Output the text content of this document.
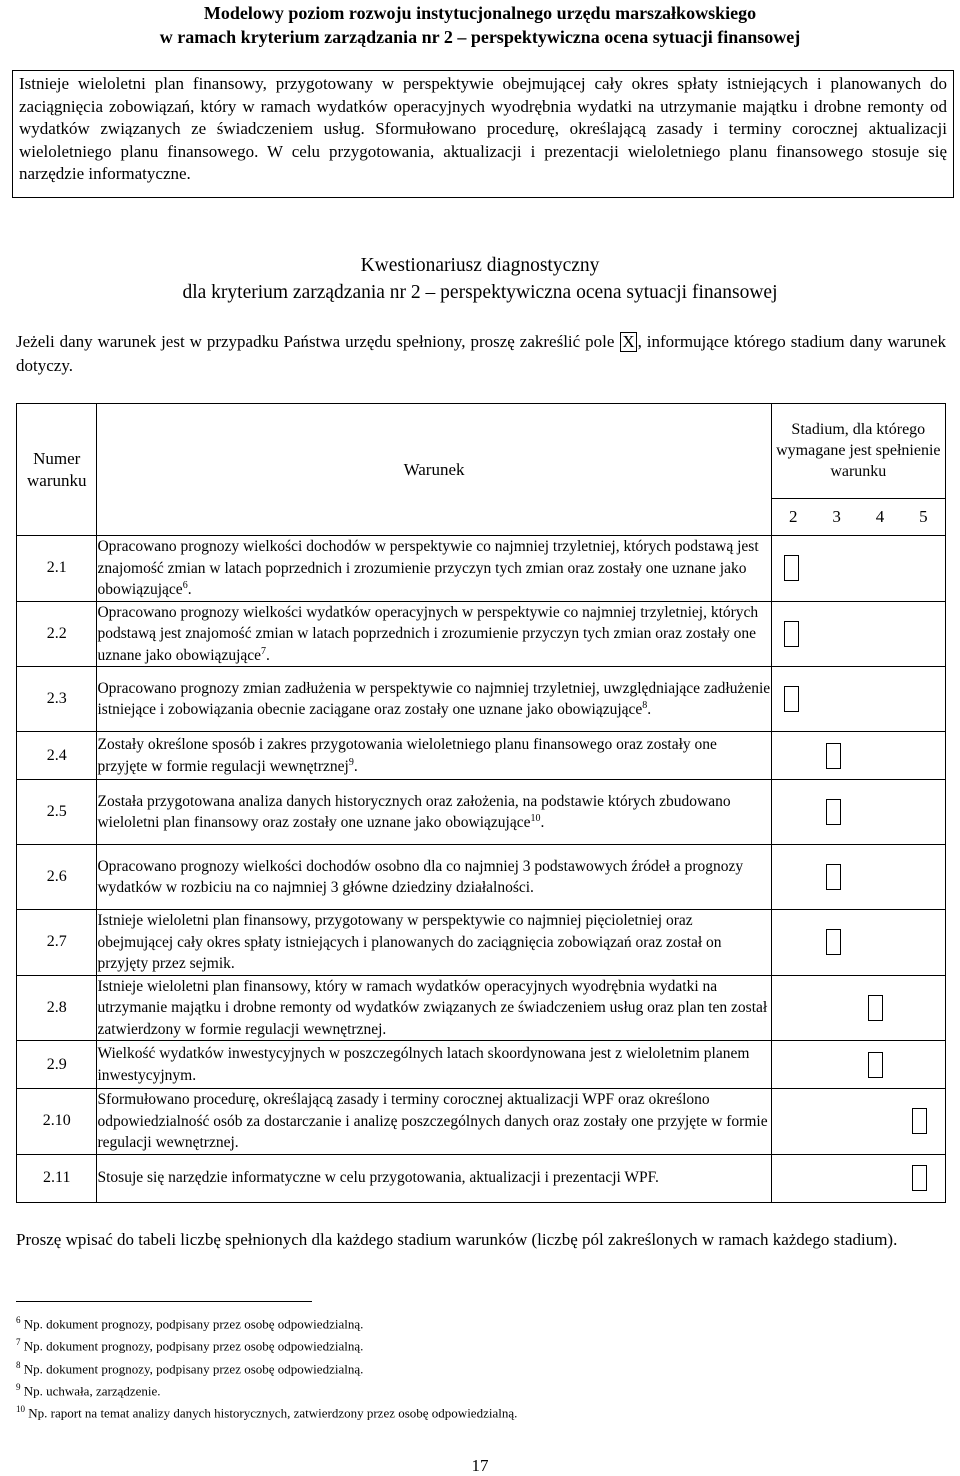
Modelowy poziom rozwoju instytucjonalnego urzędu marszałkowskiego
w ramach kryterium zarządzania nr 2 – perspektywiczna ocena sytuacji finansowej
Istnieje wieloletni plan finansowy, przygotowany w perspektywie obejmującej cały okres spłaty istniejących i planowanych do zaciągnięcia zobowiązań, który w ramach wydatków operacyjnych wyodrębnia wydatki na utrzymanie majątku i drobne remonty od wydatków związanych ze świadczeniem usług. Sformułowano procedurę, określającą zasady i terminy corocznej aktualizacji wieloletniego planu finansowego. W celu przygotowania, aktualizacji i prezentacji wieloletniego planu finansowego stosuje się narzędzie informatyczne.
Kwestionariusz diagnostyczny
dla kryterium zarządzania nr 2 – perspektywiczna ocena sytuacji finansowej
Jeżeli dany warunek jest w przypadku Państwa urzędu spełniony, proszę zakreślić pole X , informujące którego stadium dany warunek dotyczy.
Numer warunku	Warunek	Stadium, dla którego wymagane jest spełnienie warunku

		2 3 4 5

2.1	Opracowano prognozy wielkości dochodów w perspektywie co najmniej trzyletniej, których podstawą jest znajomość zmian w latach poprzednich i zrozumienie przyczyn tych zmian oraz zostały one uznane jako obowiązujące$^6$.	

2.2	Opracowano prognozy wielkości wydatków operacyjnych w perspektywie co najmniej trzyletniej, których podstawą jest znajomość zmian w latach poprzednich i zrozumienie przyczyn tych zmian oraz zostały one uznane jako obowiązujące$^7$.	

2.3	Opracowano prognozy zmian zadłużenia w perspektywie co najmniej trzyletniej, uwzględniające zadłużenie istniejące i zobowiązania obecnie zaciągane oraz zostały one uznane jako obowiązujące$^8$.	

2.4	Zostały określone sposób i zakres przygotowania wieloletniego planu finansowego oraz zostały one przyjęte w formie regulacji wewnętrznej$^9$.	

2.5	Została przygotowana analiza danych historycznych oraz założenia, na podstawie których zbudowano wieloletni plan finansowy oraz zostały one uznane jako obowiązujące$^{10}$.	

2.6	Opracowano prognozy wielkości dochodów osobno dla co najmniej 3 podstawowych źródeł a prognozy wydatków w rozbiciu na co najmniej 3 główne dziedziny działalności.	

2.7	Istnieje wieloletni plan finansowy, przygotowany w perspektywie co najmniej pięcioletniej oraz obejmującej cały okres spłaty istniejących i planowanych do zaciągnięcia zobowiązań oraz został on przyjęty przez sejmik.	

2.8	Istnieje wieloletni plan finansowy, który w ramach wydatków operacyjnych wyodrębnia wydatki na utrzymanie majątku i drobne remonty od wydatków związanych ze świadczeniem usług oraz plan ten został zatwierdzony w formie regulacji wewnętrznej.	

2.9	Wielkość wydatków inwestycyjnych w poszczególnych latach skoordynowana jest z wieloletnim planem inwestycyjnym.	

2.10	Sformułowano procedurę, określającą zasady i terminy corocznej aktualizacji WPF oraz określono odpowiedzialność osób za dostarczanie i analizę poszczególnych danych oraz zostały one przyjęte w formie regulacji wewnętrznej.	

2.11	Stosuje się narzędzie informatyczne w celu przygotowania, aktualizacji i prezentacji WPF.	
Proszę wpisać do tabeli liczbę spełnionych dla każdego stadium warunków (liczbę pól zakreślonych w ramach każdego stadium).
$^6$ Np. dokument prognozy, podpisany przez osobę odpowiedzialną.
$^7$ Np. dokument prognozy, podpisany przez osobę odpowiedzialną.
$^8$ Np. dokument prognozy, podpisany przez osobę odpowiedzialną.
$^9$ Np. uchwała, zarządzenie.
$^{10}$ Np. raport na temat analizy danych historycznych, zatwierdzony przez osobę odpowiedzialną.
17
